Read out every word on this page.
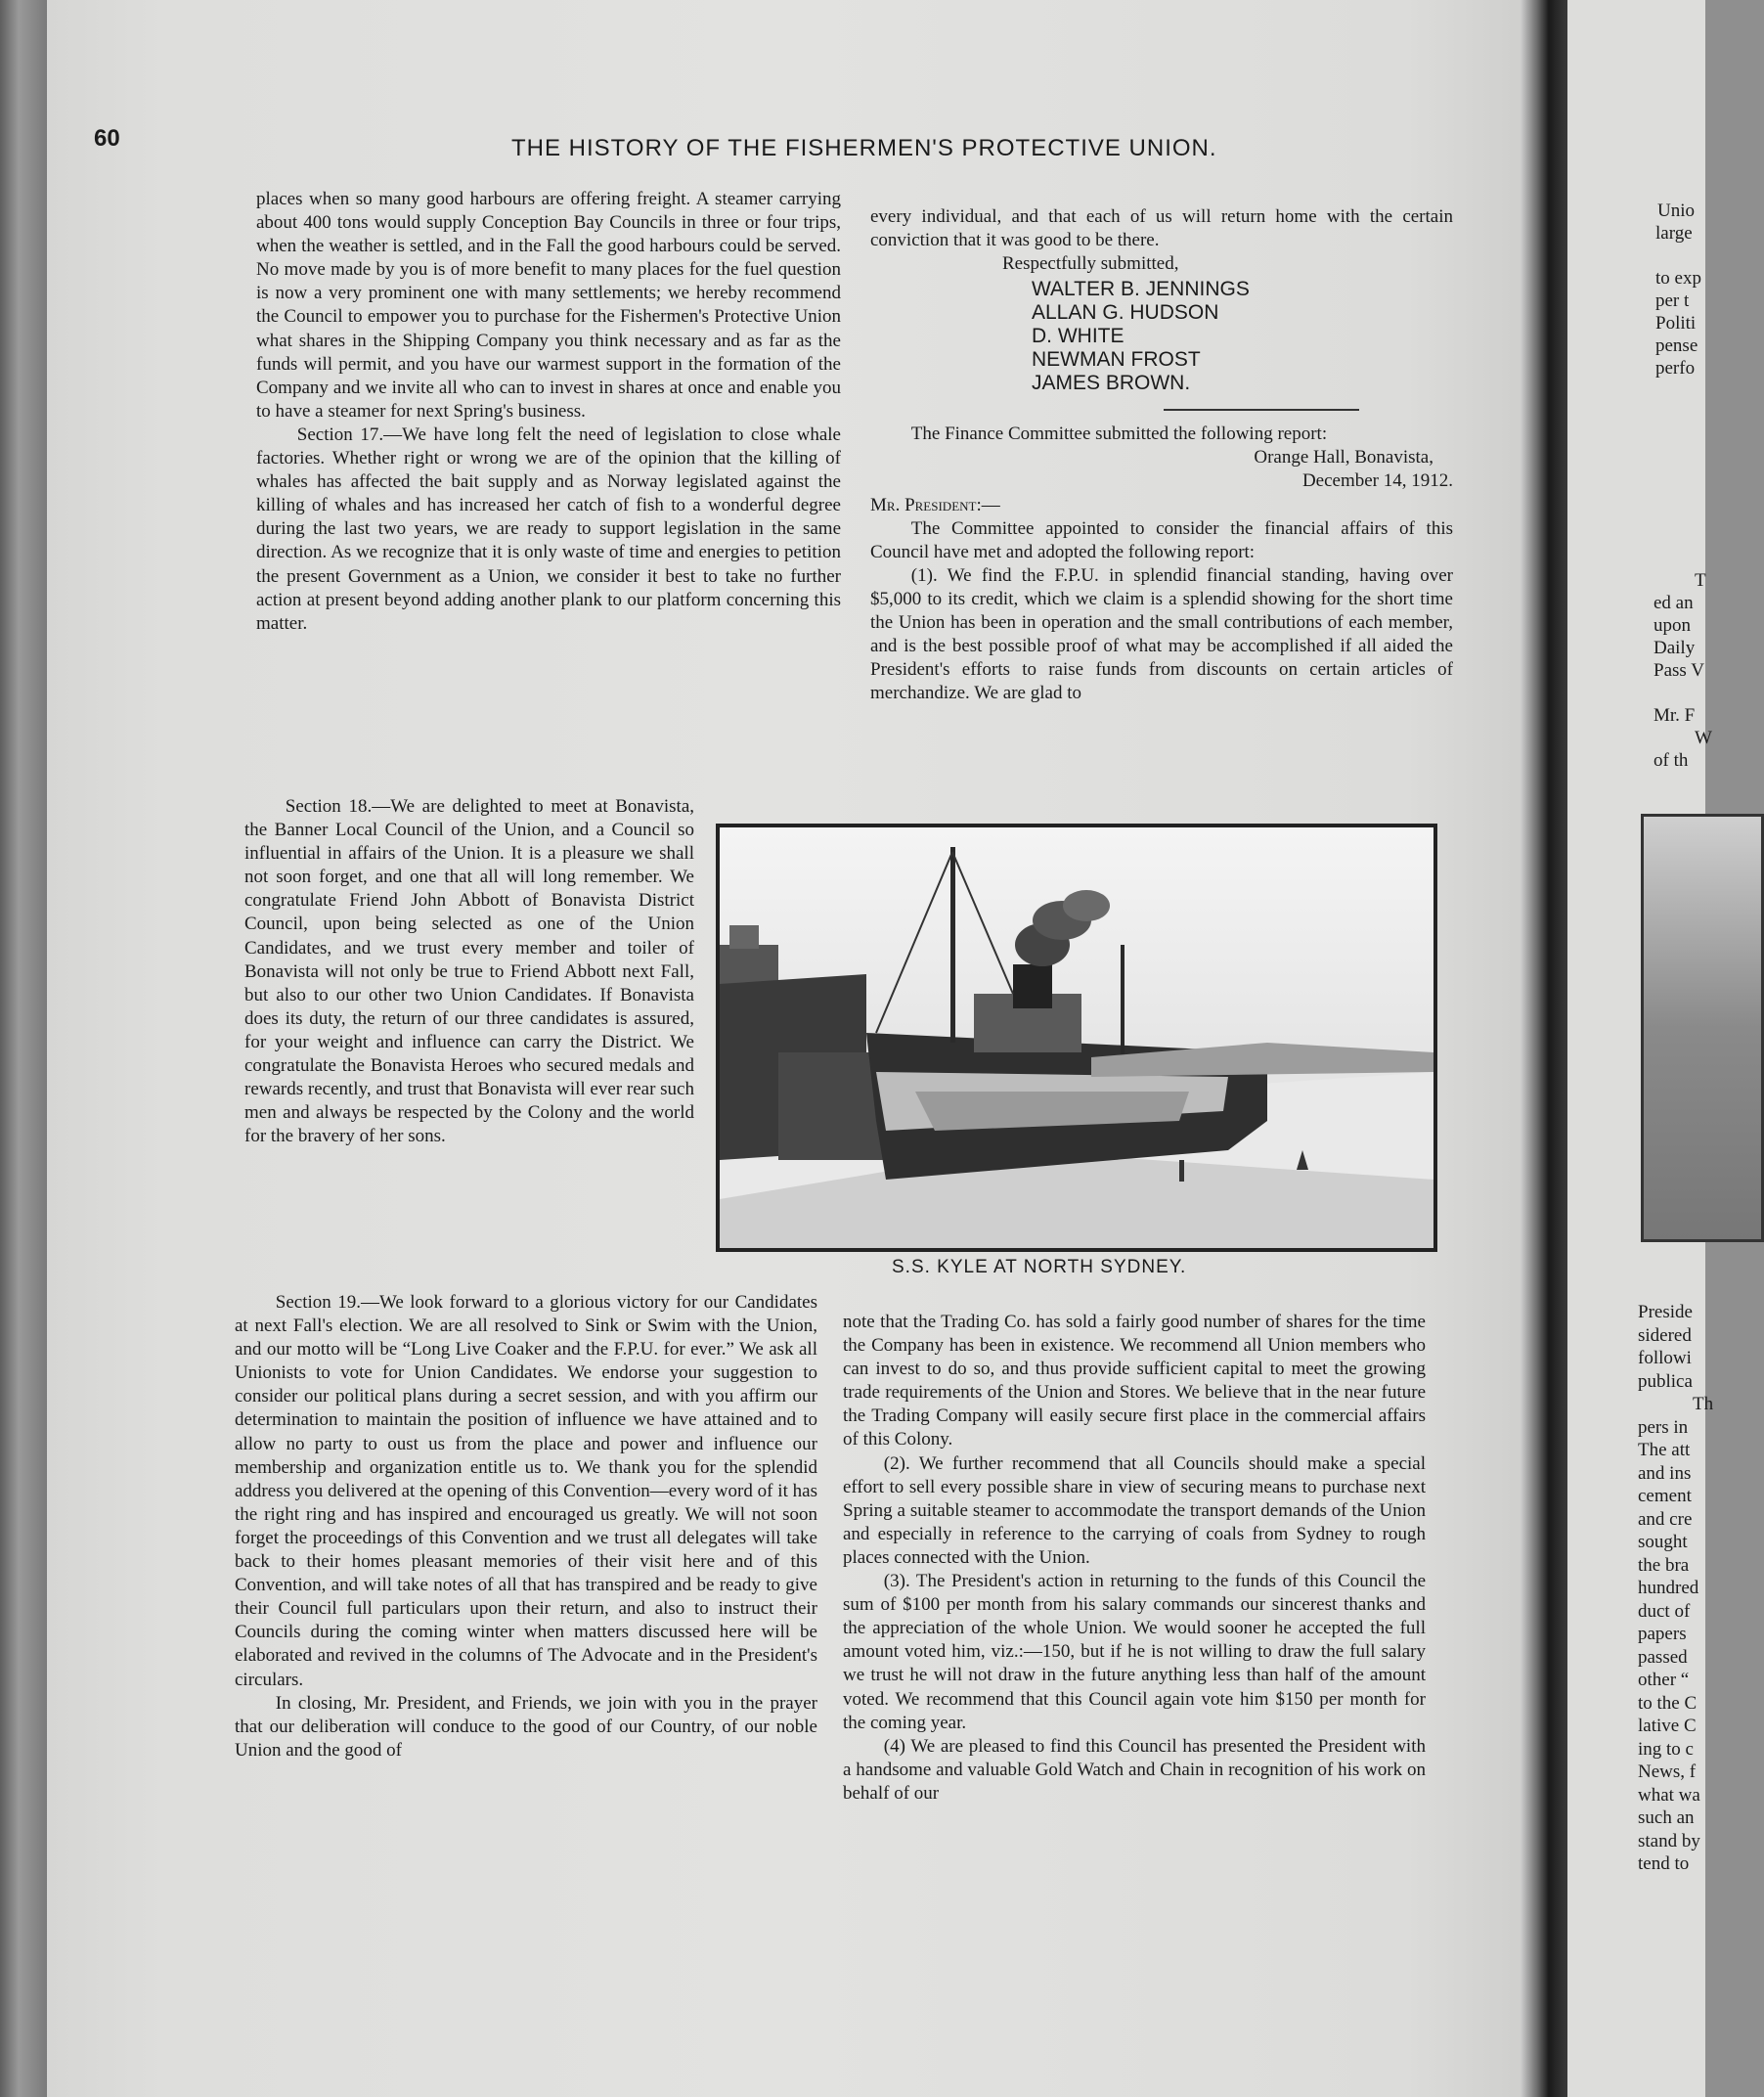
60	THE HISTORY OF THE FISHERMEN'S PROTECTIVE UNION.

places when so many good harbours are offering freight. A steamer carrying about 400 tons would supply Conception Bay Councils in three or four trips, when the weather is settled, and in the Fall the good harbours could be served. No move made by you is of more benefit to many places for the fuel question is now a very prominent one with many settlements; we hereby recommend the Council to empower you to purchase for the Fishermen's Protective Union what shares in the Shipping Company you think necessary and as far as the funds will permit, and you have our warmest support in the formation of the Company and we invite all who can to invest in shares at once and enable you to have a steamer for next Spring's business.

Section 17.—We have long felt the need of legislation to close whale factories. Whether right or wrong we are of the opinion that the killing of whales has affected the bait supply and as Norway legislated against the killing of whales and has increased her catch of fish to a wonderful degree during the last two years, we are ready to support legislation in the same direction. As we recognize that it is only waste of time and energies to petition the present Government as a Union, we consider it best to take no further action at present beyond adding another plank to our platform concerning this matter.

Section 18.—We are delighted to meet at Bonavista, the Banner Local Council of the Union, and a Council so influential in affairs of the Union. It is a pleasure we shall not soon forget, and one that all will long remember. We congratulate Friend John Abbott of Bonavista District Council, upon being selected as one of the Union Candidates, and we trust every member and toiler of Bonavista will not only be true to Friend Abbott next Fall, but also to our other two Union Candidates. If Bonavista does its duty, the return of our three candidates is assured, for your weight and influence can carry the District. We congratulate the Bonavista Heroes who secured medals and rewards recently, and trust that Bonavista will ever rear such men and always be respected by the Colony and the world for the bravery of her sons.

Section 19.—We look forward to a glorious victory for our Candidates at next Fall's election. We are all resolved to Sink or Swim with the Union, and our motto will be “Long Live Coaker and the F.P.U. for ever.” We ask all Unionists to vote for Union Candidates. We endorse your suggestion to consider our political plans during a secret session, and with you affirm our determination to maintain the position of influence we have attained and to allow no party to oust us from the place and power and influence our membership and organization entitle us to. We thank you for the splendid address you delivered at the opening of this Convention—every word of it has the right ring and has inspired and encouraged us greatly. We will not soon forget the proceedings of this Convention and we trust all delegates will take back to their homes pleasant memories of their visit here and of this Convention, and will take notes of all that has transpired and be ready to give their Council full particulars upon their return, and also to instruct their Councils during the coming winter when matters discussed here will be elaborated and revived in the columns of The Advocate and in the President's circulars.

In closing, Mr. President, and Friends, we join with you in the prayer that our deliberation will conduce to the good of our Country, of our noble Union and the good of

every individual, and that each of us will return home with the certain conviction that it was good to be there.

Respectfully submitted,

WALTER B. JENNINGS
ALLAN G. HUDSON
D. WHITE
NEWMAN FROST
JAMES BROWN.

The Finance Committee submitted the following report:

Orange Hall, Bonavista,

December 14, 1912.

Mr. President:—

The Committee appointed to consider the financial affairs of this Council have met and adopted the following report:

(1). We find the F.P.U. in splendid financial standing, having over $5,000 to its credit, which we claim is a splendid showing for the short time the Union has been in operation and the small contributions of each member, and is the best possible proof of what may be accomplished if all aided the President's efforts to raise funds from discounts on certain articles of merchandize. We are glad to

S.S. KYLE AT NORTH SYDNEY.

note that the Trading Co. has sold a fairly good number of shares for the time the Company has been in existence. We recommend all Union members who can invest to do so, and thus provide sufficient capital to meet the growing trade requirements of the Union and Stores. We believe that in the near future the Trading Company will easily secure first place in the commercial affairs of this Colony.

(2). We further recommend that all Councils should make a special effort to sell every possible share in view of securing means to purchase next Spring a suitable steamer to accommodate the transport demands of the Union and especially in reference to the carrying of coals from Sydney to rough places connected with the Union.

(3). The President's action in returning to the funds of this Council the sum of $100 per month from his salary commands our sincerest thanks and the appreciation of the whole Union. We would sooner he accepted the full amount voted him, viz.:—150, but if he is not willing to draw the full salary we trust he will not draw in the future anything less than half of the amount voted. We recommend that this Council again vote him $150 per month for the coming year.

(4) We are pleased to find this Council has presented the President with a handsome and valuable Gold Watch and Chain in recognition of his work on behalf of our

Unio
large
to exp
per t
Politi
pense
perfo
T
ed an
upon
Daily
Pass V
Mr. F
W
of th
Preside
sidered
followi
publica
Th
pers in
The att
and ins
cement
and cre
sought
the bra
hundred
duct of
papers
passed
other “
to the C
lative C
ing to c
News, f
what wa
such an
stand by
tend to
